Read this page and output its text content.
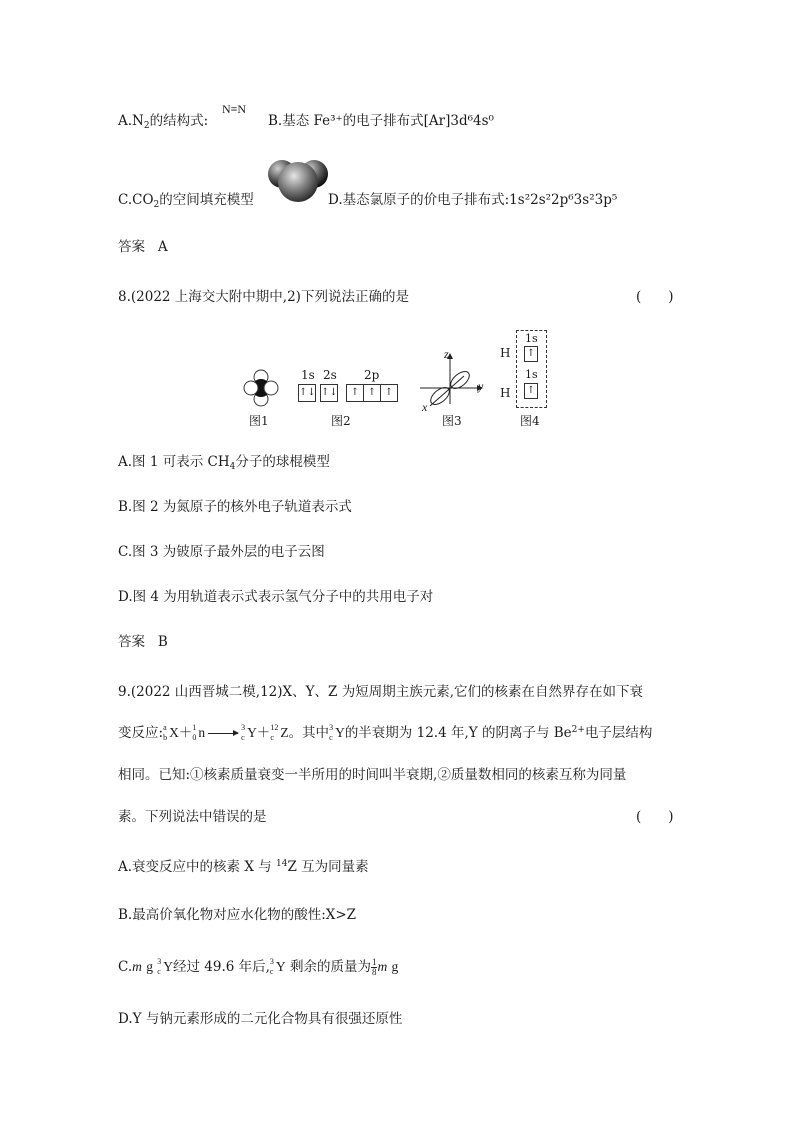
$A.N_2$的结构式:
N≡N
B.基态 Fe³⁺的电子排布式[Ar]3d⁶4s⁰
$C.CO_2$的空间填充模型	D.基态氯原子的价电子排布式:1s²2s²2p⁶3s²3p⁵
答案 A
8.(2022 上海交大附中期中,2)下列说法正确的是	(　　)
图1
1s 2s 2p
↑↓ ↑↓	↑ ↑ ↑
图2
z
y
x
图3
H
H
1s
↑
1s
↑
图4
A.图 1 可表示 $CH_4$分子的球棍模型
B.图 2 为氮原子的核外电子轨道表示式
C.图 3 为铍原子最外层的电子云图
D.图 4 为用轨道表示式表示氢气分子中的共用电子对
答案 B
9.(2022 山西晋城二模,12)X、Y、Z 为短周期主族元素,它们的核素在自然界存在如下衰
变反应: a
b X＋ 1
0 n	3
c Y＋ 12
c Z。其中 3
c Y的半衰期为 12.4 年,Y 的阴离子与 $Be^{2+}$电子层结构
相同。已知:①核素质量衰变一半所用的时间叫半衰期,②质量数相同的核素互称为同量
素。下列说法中错误的是	(　　)
A.衰变反应中的核素 X 与 $^{14}$Z 互为同量素
B.最高价氧化物对应水化物的酸性:X>Z
C.m g 3
c Y经过 49.6 年后, 3
c Y 剩余的质量为 $\frac{1}{8}$ m g
D.Y 与钠元素形成的二元化合物具有很强还原性
